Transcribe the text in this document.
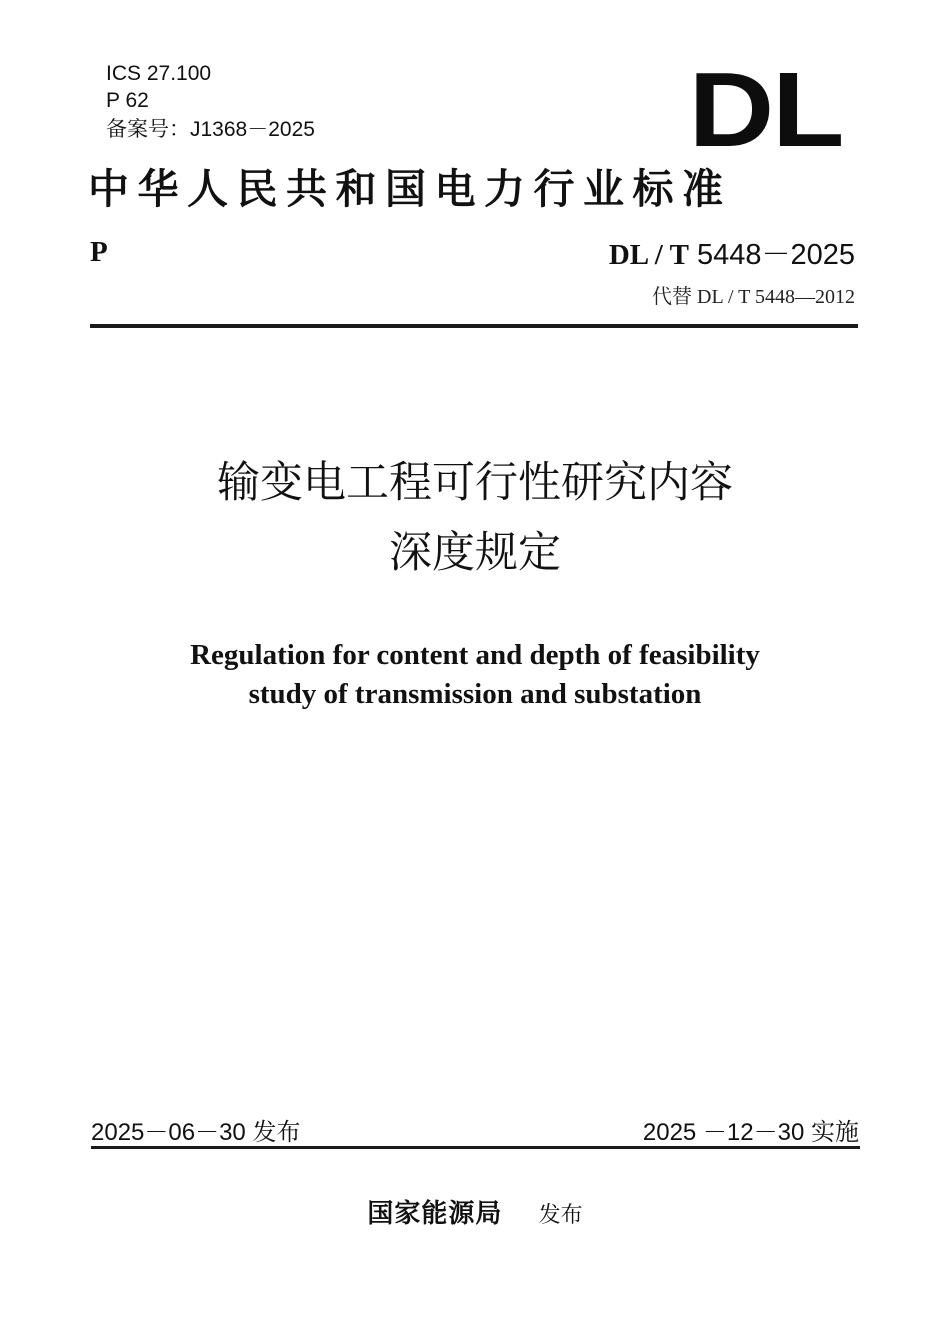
ICS 27.100
P 62
备案号：J1368－2025	DL
中华人民共和国电力行业标准
P	DL / T 5448－2025
代替 DL / T 5448—2012
输变电工程可行性研究内容
深度规定
Regulation for content and depth of feasibility
study of transmission and substation
2025－06－30 发布	2025 －12－30 实施
国家能源局 发布
